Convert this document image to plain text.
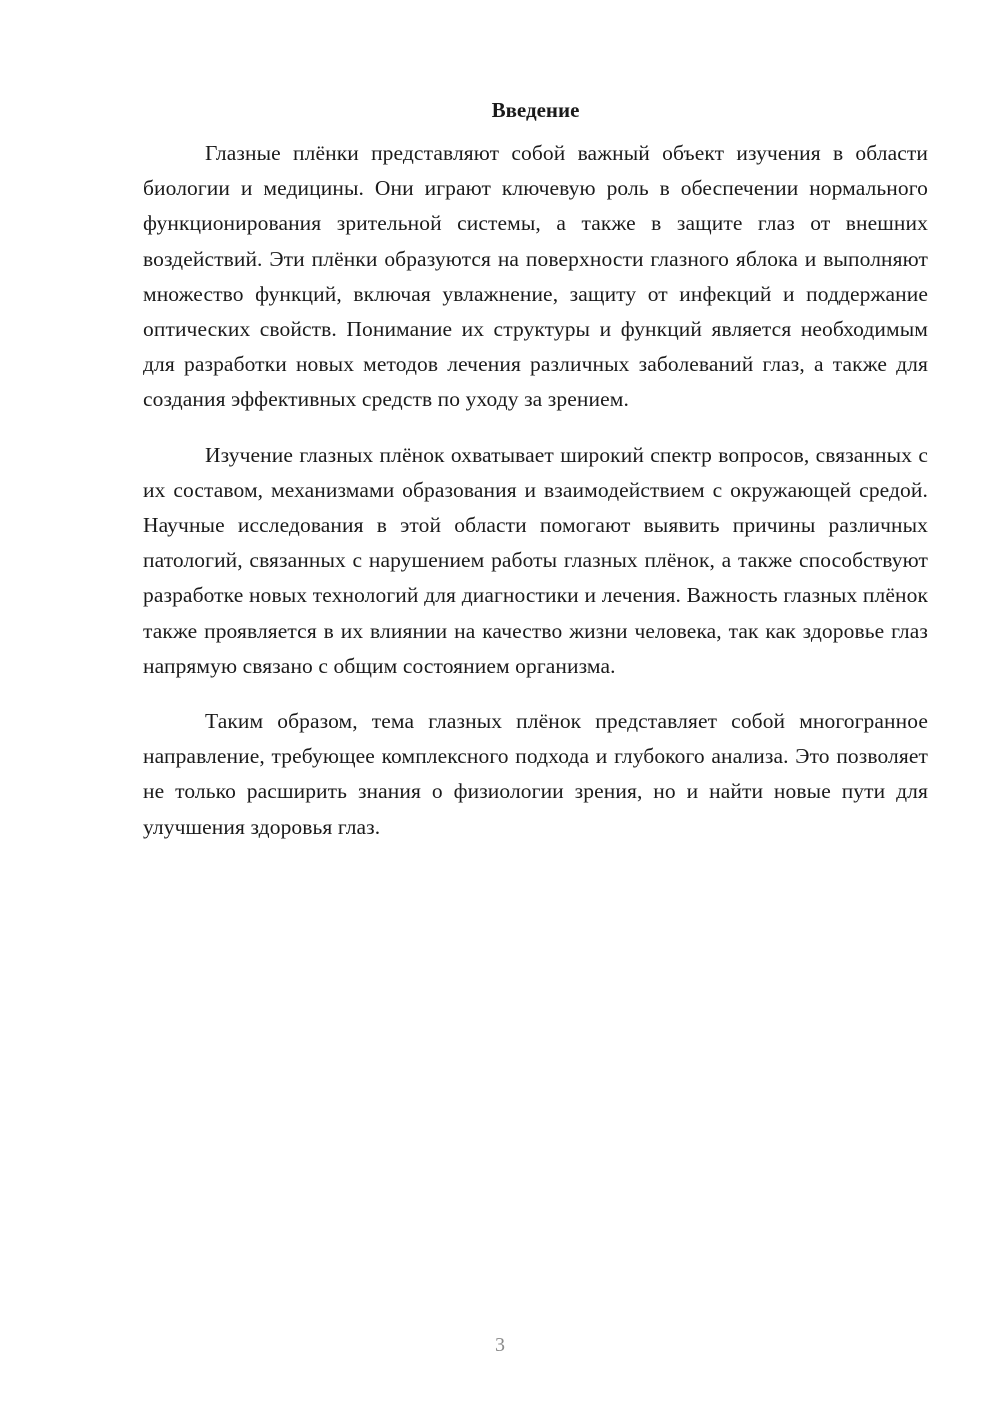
Введение

Глазные плёнки представляют собой важный объект изучения в области биологии и медицины. Они играют ключевую роль в обеспечении нормального функционирования зрительной системы, а также в защите глаз от внешних воздействий. Эти плёнки образуются на поверхности глазного яблока и выполняют множество функций, включая увлажнение, защиту от инфекций и поддержание оптических свойств. Понимание их структуры и функций является необходимым для разработки новых методов лечения различных заболеваний глаз, а также для создания эффективных средств по уходу за зрением.

Изучение глазных плёнок охватывает широкий спектр вопросов, связанных с их составом, механизмами образования и взаимодействием с окружающей средой. Научные исследования в этой области помогают выявить причины различных патологий, связанных с нарушением работы глазных плёнок, а также способствуют разработке новых технологий для диагностики и лечения. Важность глазных плёнок также проявляется в их влиянии на качество жизни человека, так как здоровье глаз напрямую связано с общим состоянием организма.

Таким образом, тема глазных плёнок представляет собой многогранное направление, требующее комплексного подхода и глубокого анализа. Это позволяет не только расширить знания о физиологии зрения, но и найти новые пути для улучшения здоровья глаз.

3
